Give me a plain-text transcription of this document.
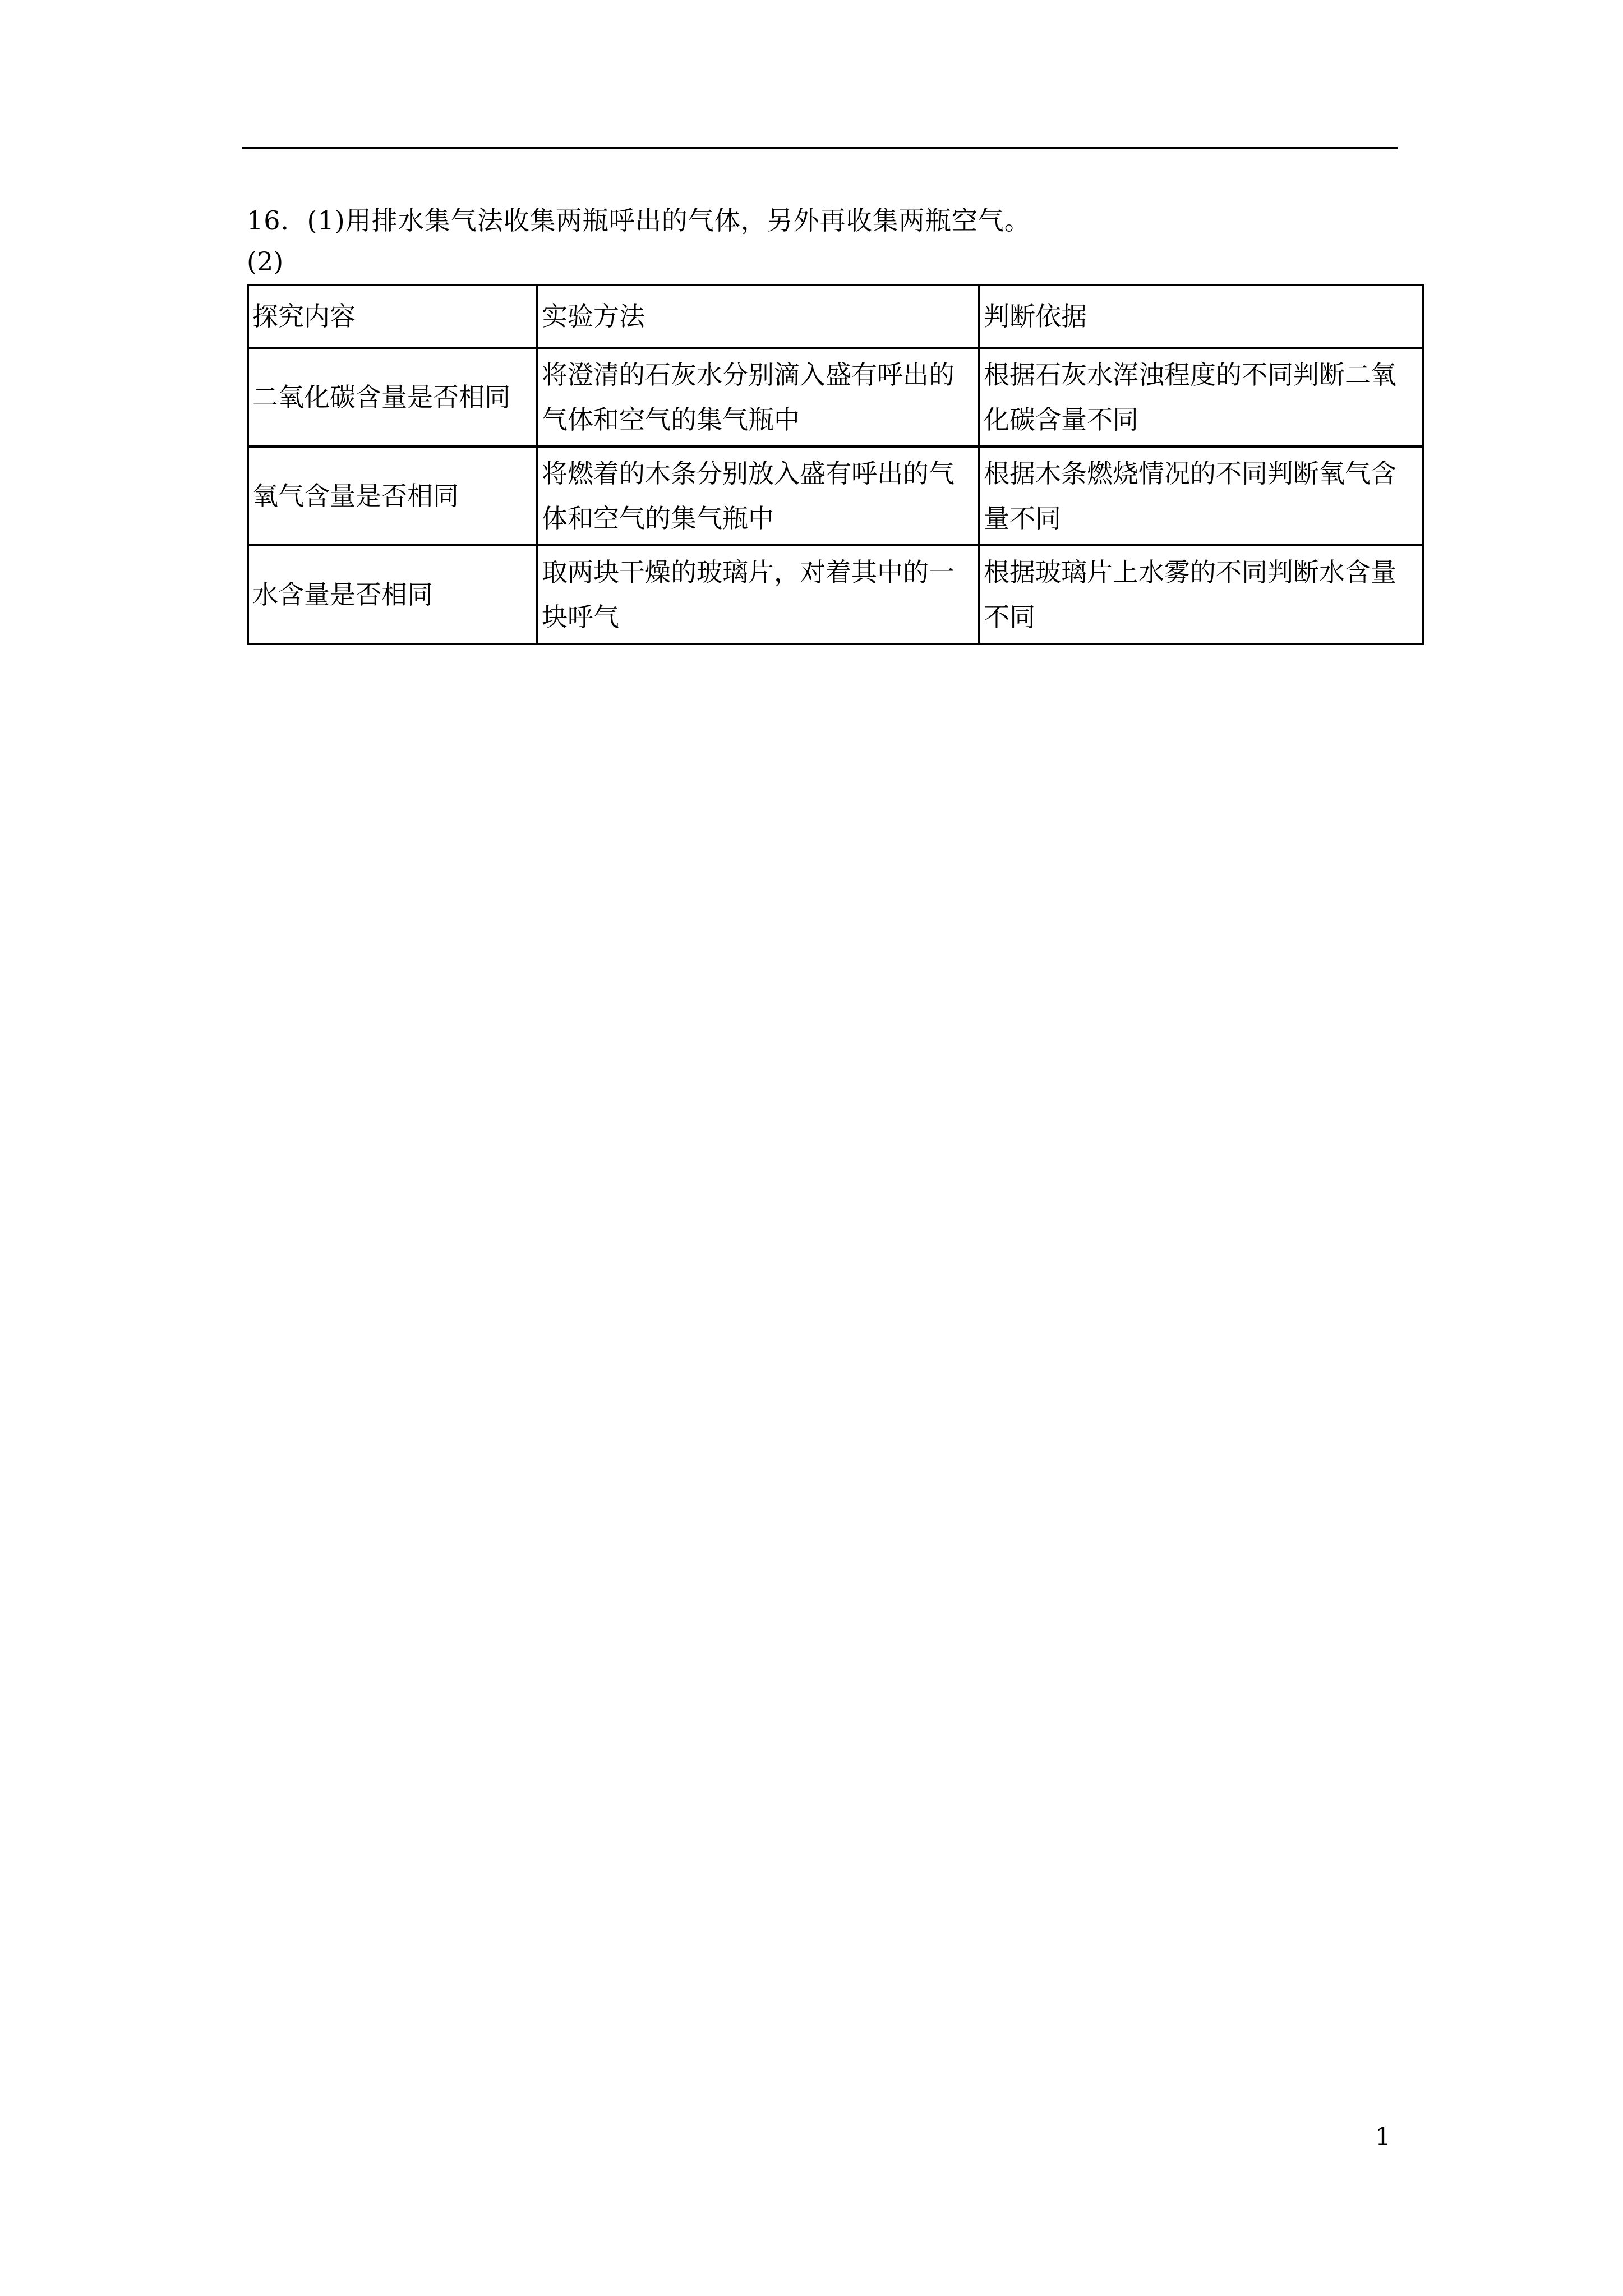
16．(1)用排水集气法收集两瓶呼出的气体，另外再收集两瓶空气。
(2)
探究内容	实验方法	判断依据
二氧化碳含量是否相同	将澄清的石灰水分别滴入盛有呼出的气体和空气的集气瓶中	根据石灰水浑浊程度的不同判断二氧化碳含量不同
氧气含量是否相同	将燃着的木条分别放入盛有呼出的气体和空气的集气瓶中	根据木条燃烧情况的不同判断氧气含量不同
水含量是否相同	取两块干燥的玻璃片，对着其中的一块呼气	根据玻璃片上水雾的不同判断水含量不同
1
